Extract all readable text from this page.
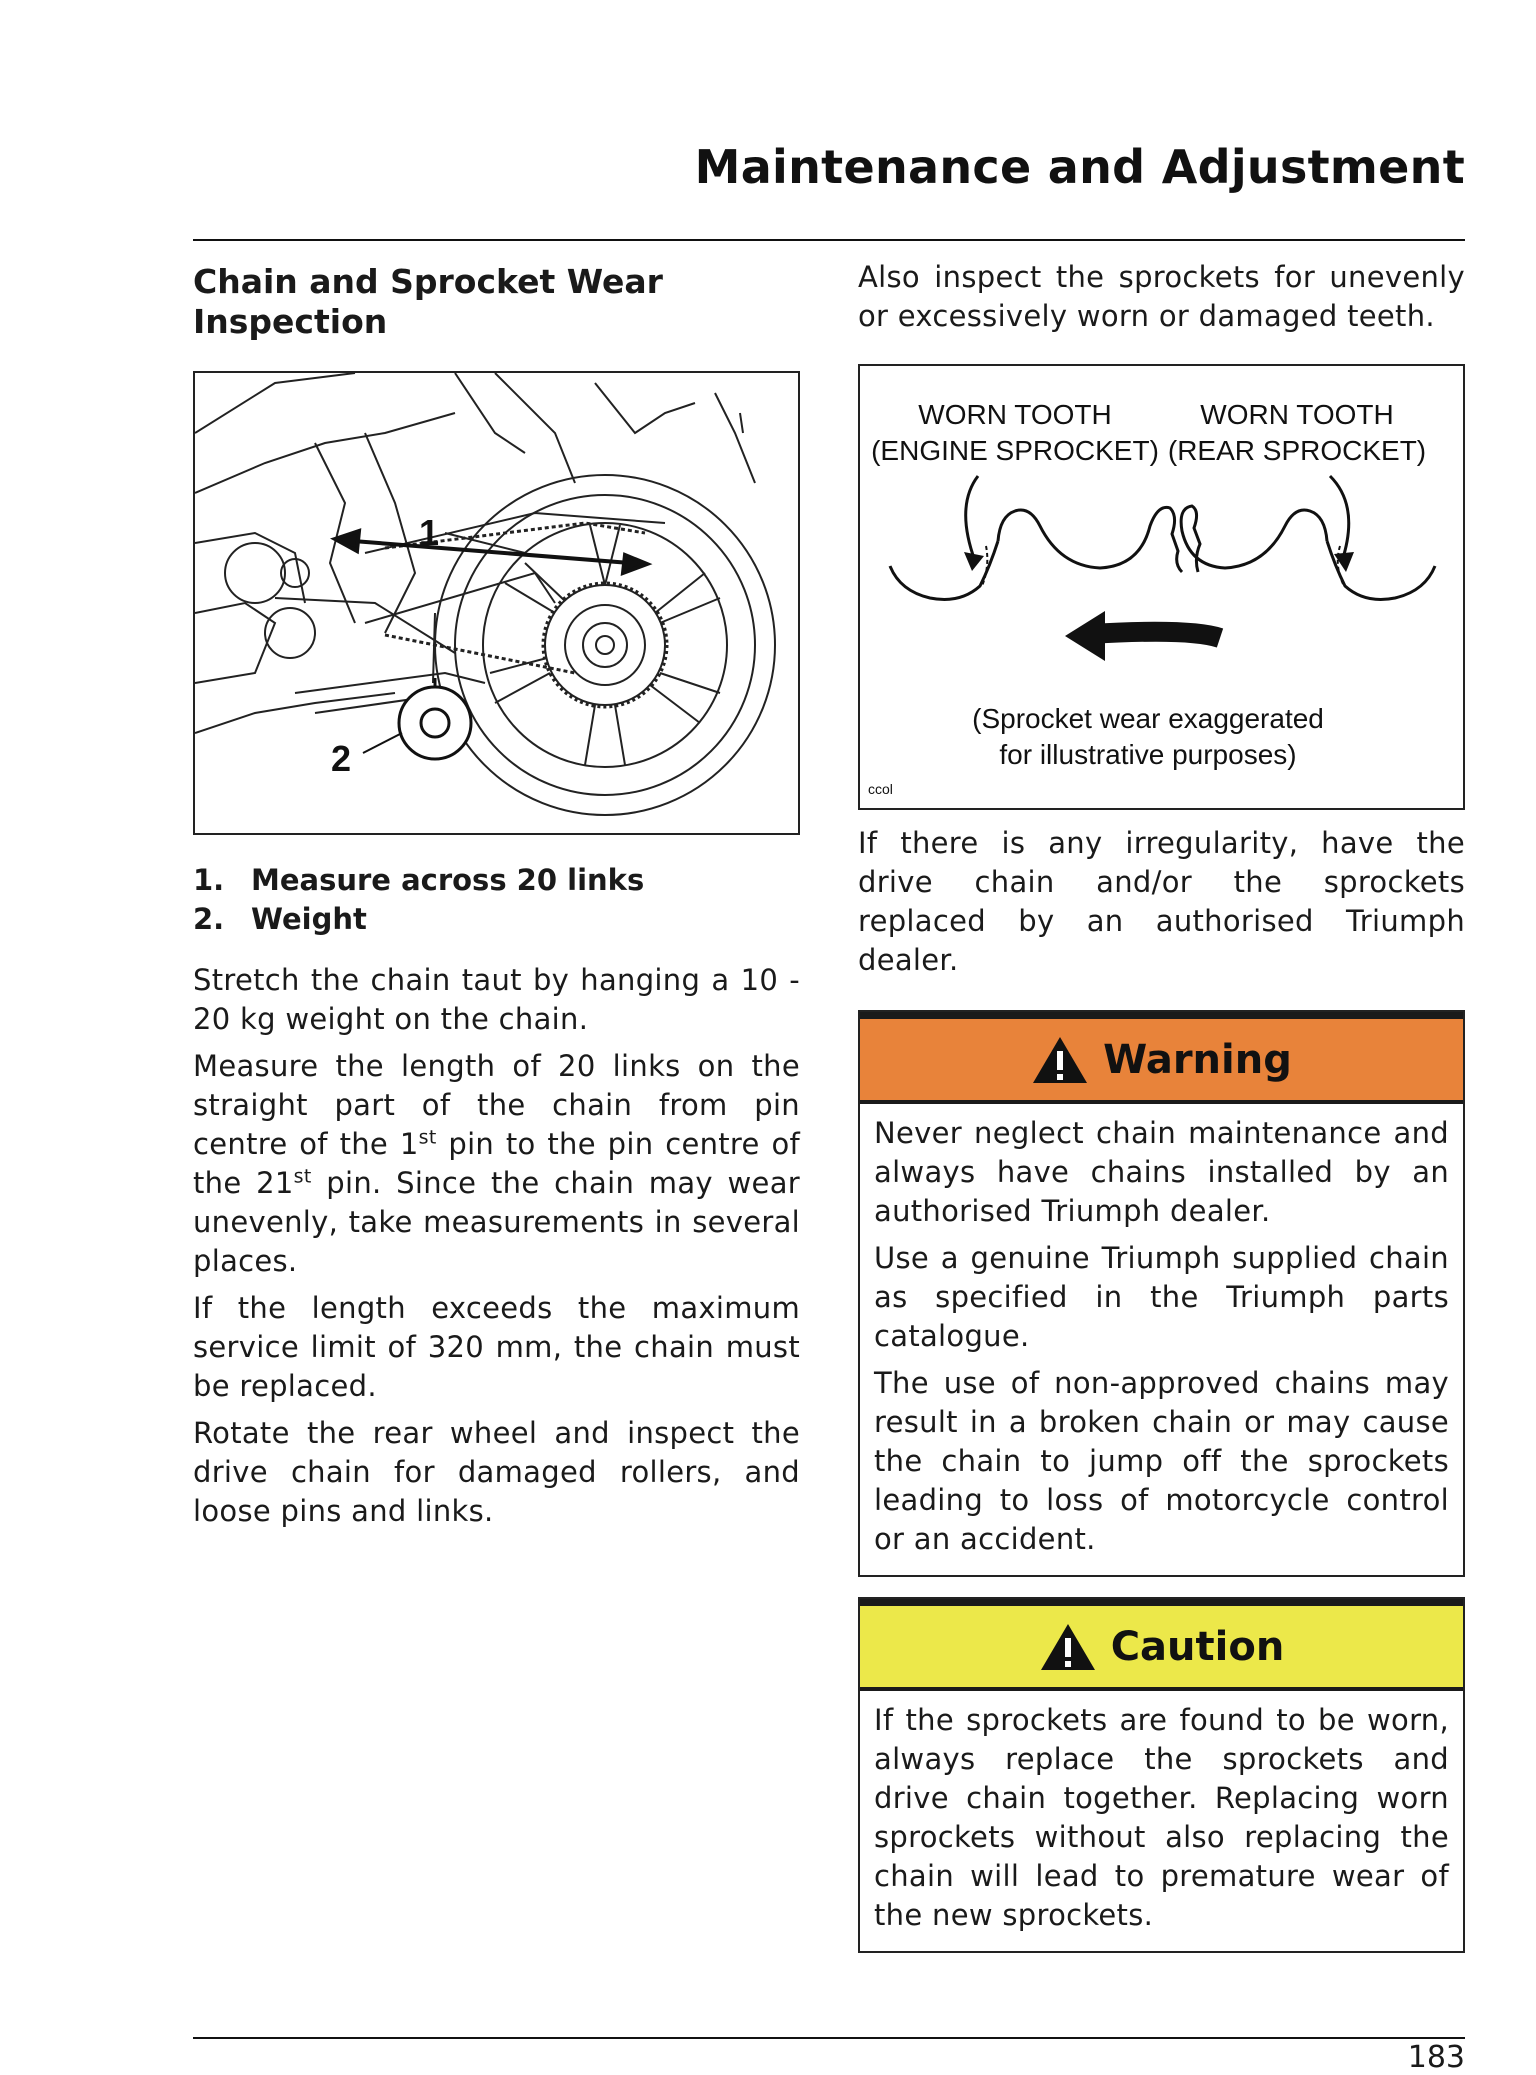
Maintenance and Adjustment
Chain and Sprocket Wear Inspection
1
2
1. Measure across 20 links
2. Weight

Stretch the chain taut by hanging a 10 - 20 kg weight on the chain.

Measure the length of 20 links on the straight part of the chain from pin centre of the 1st pin to the pin centre of the 21st pin. Since the chain may wear unevenly, take measurements in several places.

If the length exceeds the maximum service limit of 320 mm, the chain must be replaced.

Rotate the rear wheel and inspect the drive chain for damaged rollers, and loose pins and links.

Also inspect the sprockets for unevenly or excessively worn or damaged teeth.

WORN TOOTH
(ENGINE SPROCKET)
WORN TOOTH
(REAR SPROCKET)
(Sprocket wear exaggerated
for illustrative purposes)
ccol

If there is any irregularity, have the drive chain and/or the sprockets replaced by an authorised Triumph dealer.

Warning

Never neglect chain maintenance and always have chains installed by an authorised Triumph dealer.

Use a genuine Triumph supplied chain as specified in the Triumph parts catalogue.

The use of non-approved chains may result in a broken chain or may cause the chain to jump off the sprockets leading to loss of motorcycle control or an accident.

Caution

If the sprockets are found to be worn, always replace the sprockets and drive chain together. Replacing worn sprockets without also replacing the chain will lead to premature wear of the new sprockets.

183
